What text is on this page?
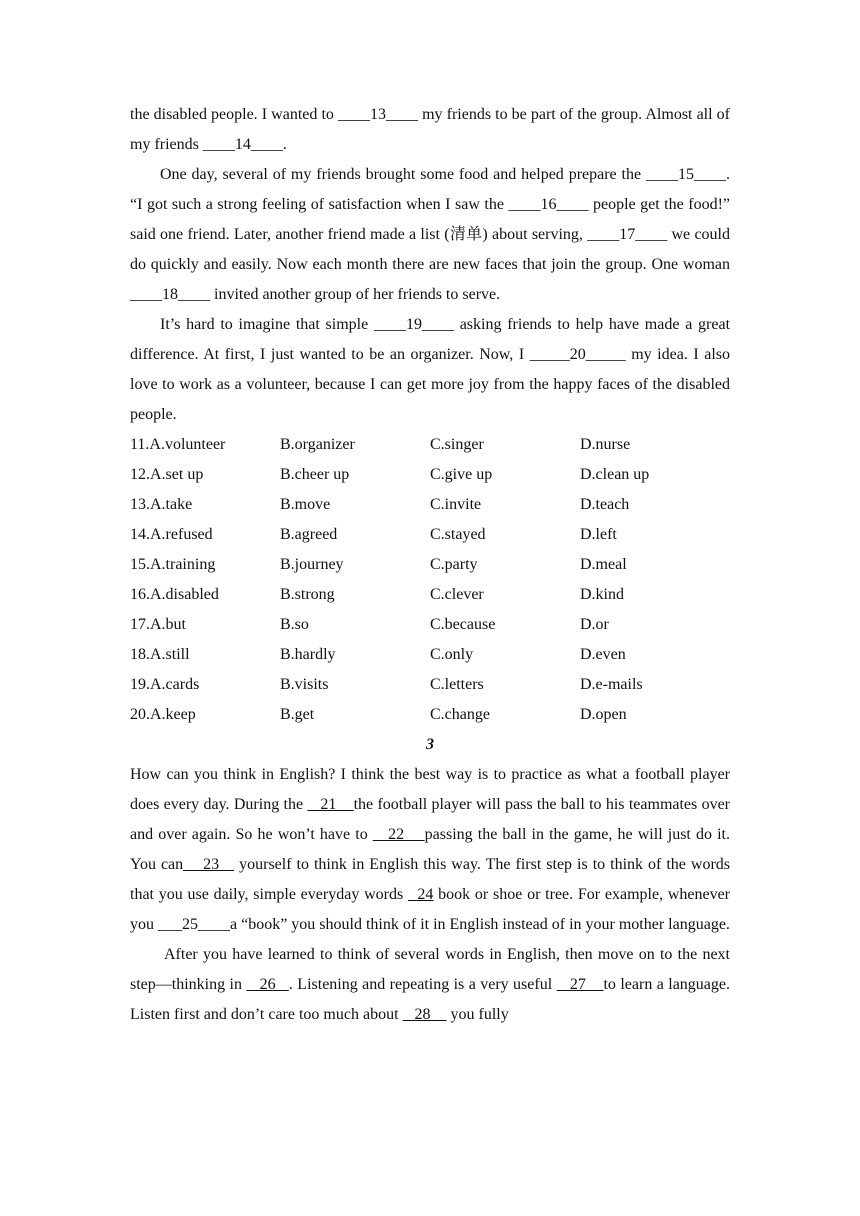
the disabled people. I wanted to ____13____ my friends to be part of the group. Almost all of my friends ____14____.

One day, several of my friends brought some food and helped prepare the ____15____. “I got such a strong feeling of satisfaction when I saw the ____16____ people get the food!” said one friend. Later, another friend made a list (清单) about serving, ____17____ we could do quickly and easily. Now each month there are new faces that join the group. One woman ____18____ invited another group of her friends to serve.

It’s hard to imagine that simple ____19____ asking friends to help have made a great difference. At first, I just wanted to be an organizer. Now, I _____20_____ my idea. I also love to work as a volunteer, because I can get more joy from the happy faces of the disabled people.

11.A.volunteer	B.organizer	C.singer	D.nurse
12.A.set up	B.cheer up	C.give up	D.clean up
13.A.take	B.move	C.invite	D.teach
14.A.refused	B.agreed	C.stayed	D.left
15.A.training	B.journey	C.party	D.meal
16.A.disabled	B.strong	C.clever	D.kind
17.A.but	B.so	C.because	D.or
18.A.still	B.hardly	C.only	D.even
19.A.cards	B.visits	C.letters	D.e-mails
20.A.keep	B.get	C.change	D.open
3

How can you think in English? I think the best way is to practice as what a football player does every day. During the    21    the football player will pass the ball to his teammates over and over again. So he won’t have to    22    passing the ball in the game, he will just do it. You can    23    yourself to think in English this way. The first step is to think of the words that you use daily, simple everyday words   24 book or shoe or tree. For example, whenever you ___25____a “book” you should think of it in English instead of in your mother language.

After you have learned to think of several words in English, then move on to the next step—thinking in    26   . Listening and repeating is a very useful    27    to learn a language. Listen first and don’t care too much about    28     you fully
